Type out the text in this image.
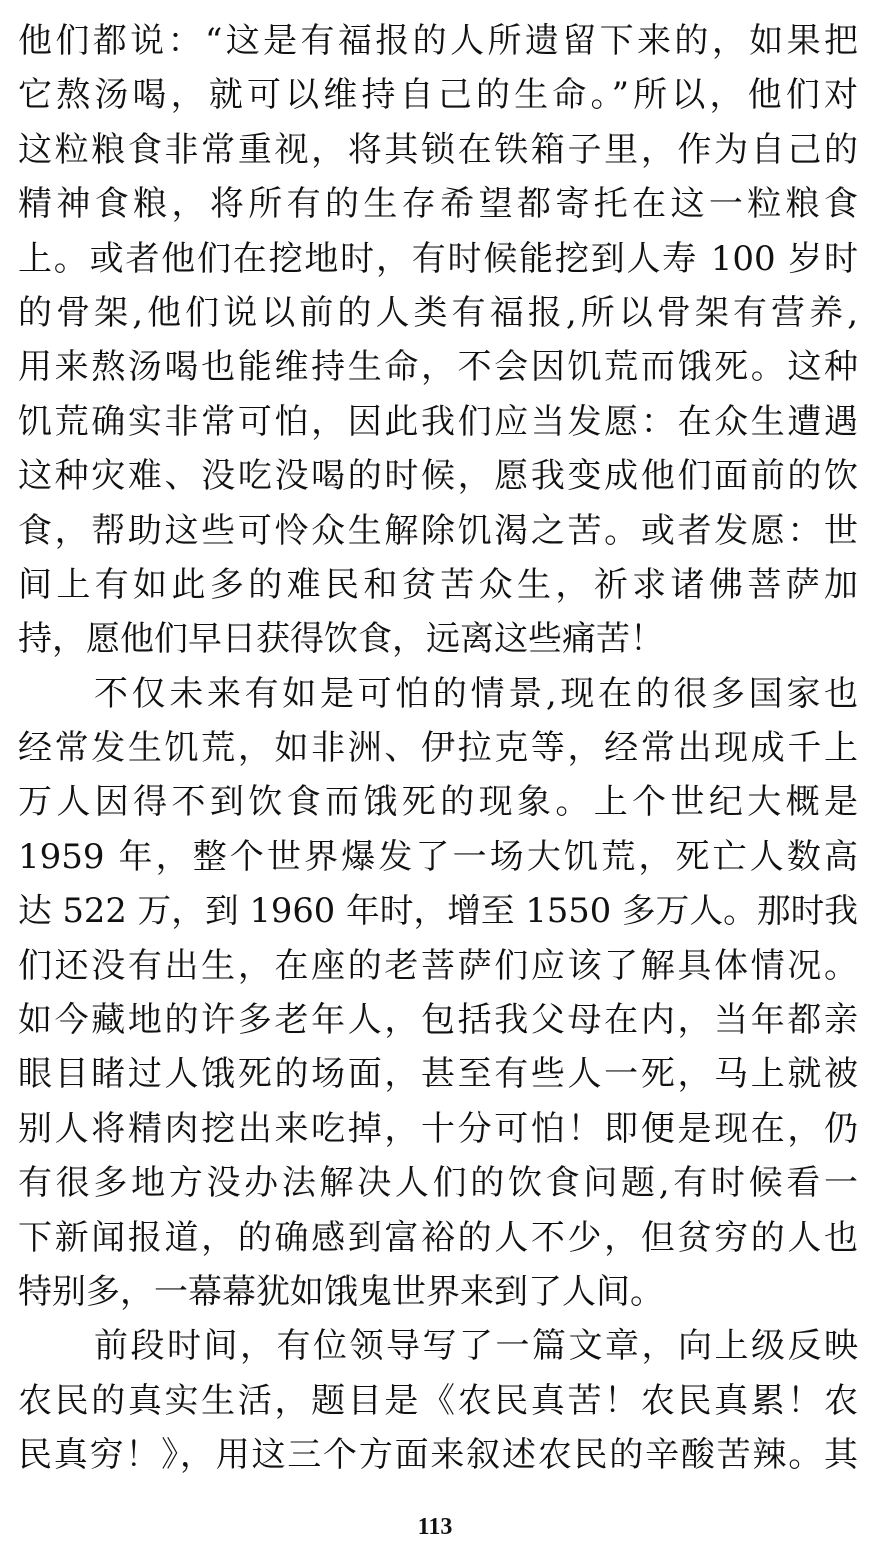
他们都说：“这是有福报的人所遗留下来的，如果把
它熬汤喝，就可以维持自己的生命。”所以，他们对
这粒粮食非常重视，将其锁在铁箱子里，作为自己的
精神食粮，将所有的生存希望都寄托在这一粒粮食
上。或者他们在挖地时，有时候能挖到人寿 100 岁时
的骨架,他们说以前的人类有福报,所以骨架有营养,
用来熬汤喝也能维持生命，不会因饥荒而饿死。这种
饥荒确实非常可怕，因此我们应当发愿：在众生遭遇
这种灾难、没吃没喝的时候，愿我变成他们面前的饮
食，帮助这些可怜众生解除饥渴之苦。或者发愿：世
间上有如此多的难民和贫苦众生，祈求诸佛菩萨加
持，愿他们早日获得饮食，远离这些痛苦！
不仅未来有如是可怕的情景,现在的很多国家也
经常发生饥荒，如非洲、伊拉克等，经常出现成千上
万人因得不到饮食而饿死的现象。上个世纪大概是
1959 年，整个世界爆发了一场大饥荒，死亡人数高
达 522 万，到 1960 年时，增至 1550 多万人。那时我
们还没有出生，在座的老菩萨们应该了解具体情况。
如今藏地的许多老年人，包括我父母在内，当年都亲
眼目睹过人饿死的场面，甚至有些人一死，马上就被
别人将精肉挖出来吃掉，十分可怕！即便是现在，仍
有很多地方没办法解决人们的饮食问题,有时候看一
下新闻报道，的确感到富裕的人不少，但贫穷的人也
特别多，一幕幕犹如饿鬼世界来到了人间。
前段时间，有位领导写了一篇文章，向上级反映
农民的真实生活，题目是《农民真苦！农民真累！农
民真穷！》，用这三个方面来叙述农民的辛酸苦辣。其
113
